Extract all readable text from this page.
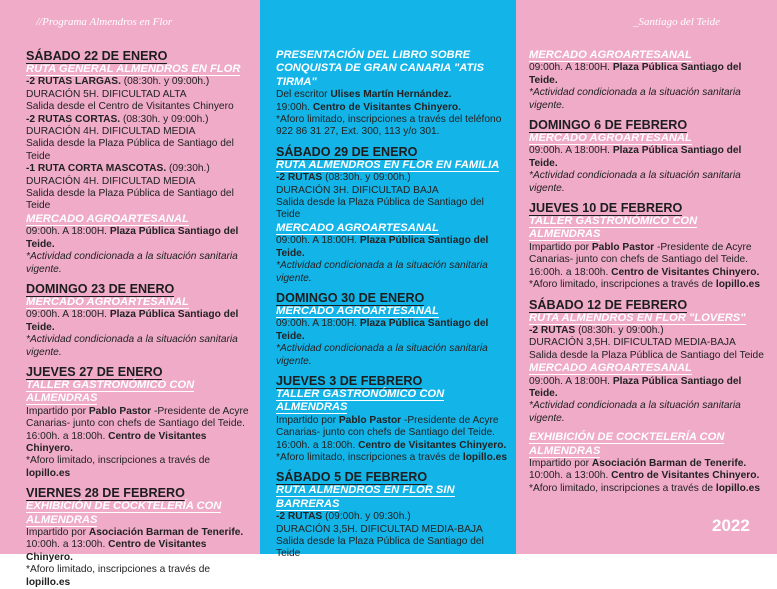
SÁBADO 22 DE ENERO
RUTA GENERAL ALMENDROS EN FLOR
-2 RUTAS LARGAS. (08:30h. y 09:00h.)
DURACIÓN 5H. DIFICULTAD ALTA
Salida desde el Centro de Visitantes Chinyero
-2 RUTAS CORTAS. (08:30h. y 09:00h.)
DURACIÓN 4H. DIFICULTAD MEDIA
Salida desde la Plaza Pública de Santiago del Teide
-1 RUTA CORTA MASCOTAS. (09:30h.)
DURACIÓN 4H. DIFICULTAD MEDIA
Salida desde la Plaza Pública de Santiago del Teide
MERCADO AGROARTESANAL
09:00h. A 18:00H. Plaza Pública Santiago del Teide.
*Actividad condicionada a la situación sanitaria vigente.
DOMINGO 23 DE ENERO
MERCADO AGROARTESANAL
09:00h. A 18:00H. Plaza Pública Santiago del Teide.
*Actividad condicionada a la situación sanitaria vigente.
JUEVES 27 DE ENERO
TALLER GASTRONÓMICO CON ALMENDRAS
Impartido por Pablo Pastor -Presidente de Acyre Canarias- junto con chefs de Santiago del Teide.
16:00h. a 18:00h. Centro de Visitantes Chinyero.
*Aforo limitado, inscripciones a través de lopillo.es
VIERNES 28 DE FEBRERO
EXHIBICIÓN DE COCKTELERÍA CON ALMENDRAS
Impartido por Asociación Barman de Tenerife.
10:00h. a 13:00h. Centro de Visitantes Chinyero.
*Aforo limitado, inscripciones a través de lopillo.es
PRESENTACIÓN DEL LIBRO SOBRE CONQUISTA DE GRAN CANARIA "ATIS TIRMA"
Del escritor Ulises Martín Hernández.
19:00h. Centro de Visitantes Chinyero.
*Aforo limitado, inscripciones a través del teléfono 922 86 31 27, Ext. 300, 113 y/o 301.
SÁBADO 29 DE ENERO
RUTA ALMENDROS EN FLOR EN FAMILIA
-2 RUTAS (08:30h. y 09:00h.)
DURACIÓN 3H. DIFICULTAD BAJA
Salida desde la Plaza Pública de Santiago del Teide
MERCADO AGROARTESANAL
09:00h. A 18:00H. Plaza Pública Santiago del Teide.
*Actividad condicionada a la situación sanitaria vigente.
DOMINGO 30 DE ENERO
MERCADO AGROARTESANAL
09:00h. A 18:00H. Plaza Pública Santiago del Teide.
*Actividad condicionada a la situación sanitaria vigente.
JUEVES 3 DE FEBRERO
TALLER GASTRONÓMICO CON ALMENDRAS
Impartido por Pablo Pastor -Presidente de Acyre Canarias- junto con chefs de Santiago del Teide.
16:00h. a 18:00h. Centro de Visitantes Chinyero.
*Aforo limitado, inscripciones a través de lopillo.es
SÁBADO 5 DE FEBRERO
RUTA ALMENDROS EN FLOR SIN BARRERAS
-2 RUTAS (09:00h. y 09:30h.)
DURACIÓN 3,5H. DIFICULTAD MEDIA-BAJA
Salida desde la Plaza Pública de Santiago del Teide
MERCADO AGROARTESANAL
09:00h. A 18:00H. Plaza Pública Santiago del Teide.
*Actividad condicionada a la situación sanitaria vigente.
DOMINGO 6 DE FEBRERO
MERCADO AGROARTESANAL
09:00h. A 18:00H. Plaza Pública Santiago del Teide.
*Actividad condicionada a la situación sanitaria vigente.
JUEVES 10 DE FEBRERO
TALLER GASTRONÓMICO CON ALMENDRAS
Impartido por Pablo Pastor -Presidente de Acyre Canarias- junto con chefs de Santiago del Teide.
16:00h. a 18:00h. Centro de Visitantes Chinyero.
*Aforo limitado, inscripciones a través de lopillo.es
SÁBADO 12 DE FEBRERO
RUTA ALMENDROS EN FLOR "LOVERS"
-2 RUTAS (08:30h. y 09:00h.)
DURACIÓN 3,5H. DIFICULTAD MEDIA-BAJA
Salida desde la Plaza Pública de Santiago del Teide
MERCADO AGROARTESANAL
09:00h. A 18:00H. Plaza Pública Santiago del Teide.
*Actividad condicionada a la situación sanitaria vigente.
EXHIBICIÓN DE COCKTELERÍA CON ALMENDRAS
Impartido por Asociación Barman de Tenerife.
10:00h. a 13:00h. Centro de Visitantes Chinyero.
*Aforo limitado, inscripciones a través de lopillo.es
//Programa Almendros en Flor	_Santiago del Teide
2022
